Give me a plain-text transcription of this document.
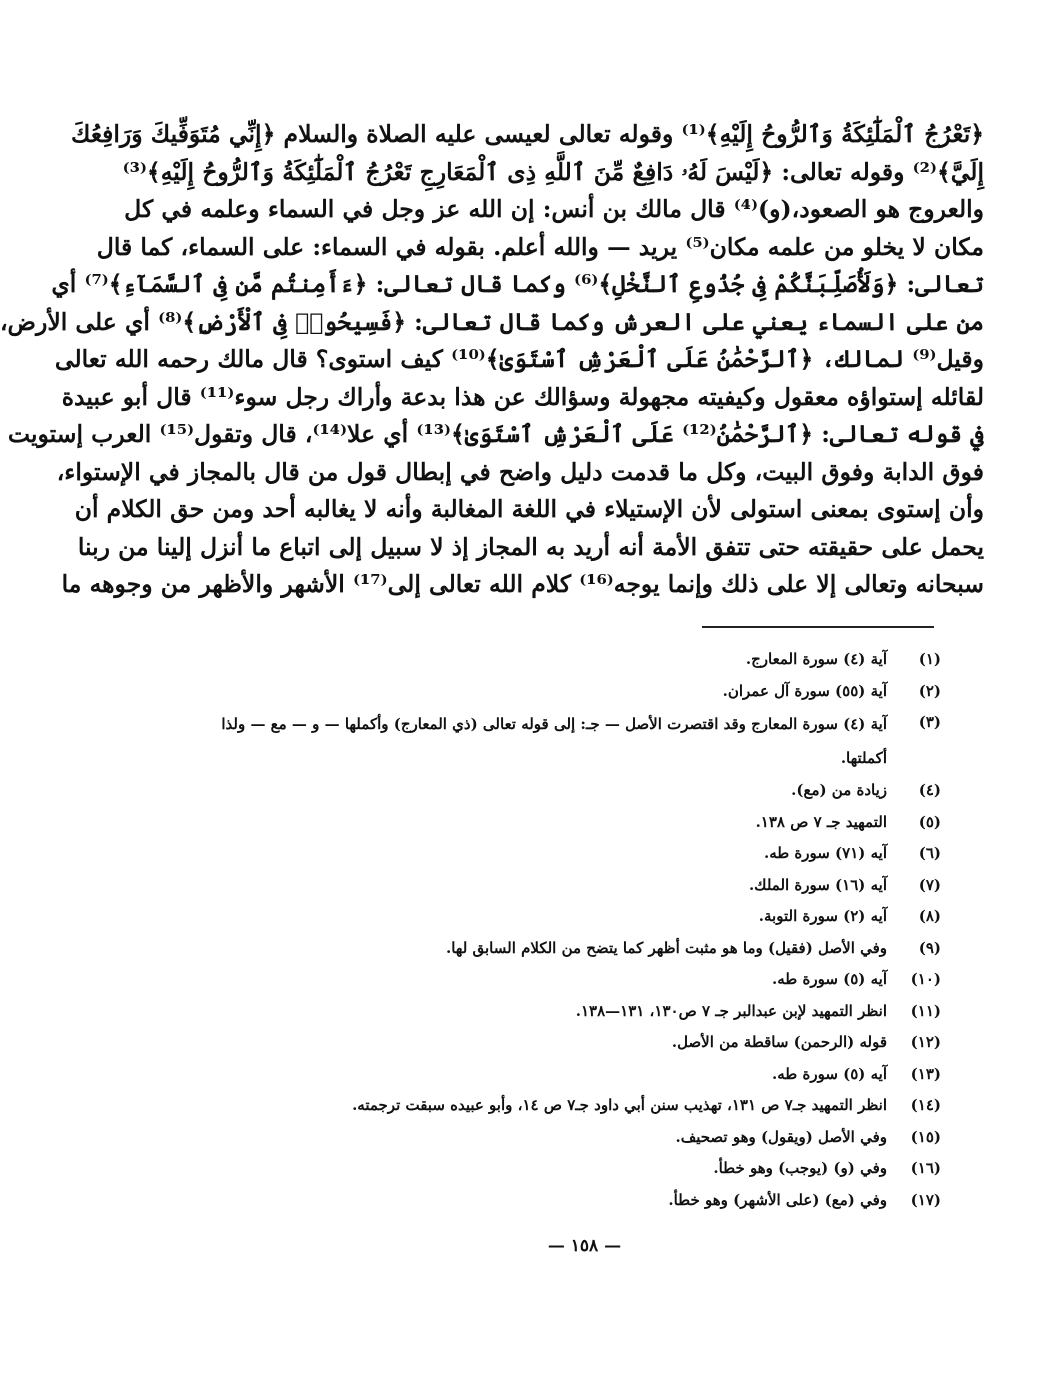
﴿تَعْرُجُ ٱلْمَلَٰٓئِكَةُ وَٱلرُّوحُ إِلَيْهِ﴾⁽¹⁾ وقوله تعالى لعيسى عليه الصلاة والسلام ﴿إِنِّي مُتَوَفِّيكَ وَرَافِعُكَ
إِلَيَّ﴾⁽²⁾ وقوله تعالى: ﴿لَيْسَ لَهُۥ دَافِعٌ مِّنَ ٱللَّهِ ذِى ٱلْمَعَارِجِ تَعْرُجُ ٱلْمَلَٰٓئِكَةُ وَٱلرُّوحُ إِلَيْهِ﴾⁽³⁾
والعروج هو الصعود،(و)⁽⁴⁾ قال مالك بن أنس: إن الله عز وجل في السماء وعلمه في كل
مكان لا يخلو من علمه مكان⁽⁵⁾ يريد — والله أعلم. بقوله في السماء: على السماء، كما قال
تعالى: ﴿وَلَأُصَلِّبَنَّكُمْ فِى جُذُوعِ ٱلنَّخْلِ﴾⁽⁶⁾ وكما قال تعالى: ﴿ءَأَمِنتُم مَّن فِى ٱلسَّمَآءِ﴾⁽⁷⁾ أي
من على السماء يعني على العرش وكما قال تعالى: ﴿فَسِيحُوا۟ فِى ٱلْأَرْضِ﴾⁽⁸⁾ أي على الأرض،
وقيل⁽⁹⁾ لمالك، ﴿ٱلرَّحْمَٰنُ عَلَى ٱلْعَرْشِ ٱسْتَوَىٰ﴾⁽¹⁰⁾ كيف استوى؟ قال مالك رحمه الله تعالى
لقائله إستواؤه معقول وكيفيته مجهولة وسؤالك عن هذا بدعة وأراك رجل سوء⁽¹¹⁾ قال أبو عبيدة
في قوله تعالى: ﴿ٱلرَّحْمَٰنُ⁽¹²⁾ عَلَى ٱلْعَرْشِ ٱسْتَوَىٰ﴾⁽¹³⁾ أي علا⁽¹⁴⁾، قال وتقول⁽¹⁵⁾ العرب إستويت
فوق الدابة وفوق البيت، وكل ما قدمت دليل واضح في إبطال قول من قال بالمجاز في الإستواء،
وأن إستوى بمعنى استولى لأن الإستيلاء في اللغة المغالبة وأنه لا يغالبه أحد ومن حق الكلام أن
يحمل على حقيقته حتى تتفق الأمة أنه أريد به المجاز إذ لا سبيل إلى اتباع ما أنزل إلينا من ربنا
سبحانه وتعالى إلا على ذلك وإنما يوجه⁽¹⁶⁾ كلام الله تعالى إلى⁽¹⁷⁾ الأشهر والأظهر من وجوهه ما
(١)
آية (٤) سورة المعارج.
(٢)
آية (٥٥) سورة آل عمران.
(٣)
آية (٤) سورة المعارج وقد اقتصرت الأصل — جـ: إلى قوله تعالى (ذي المعارج) وأكملها — و — مع — ولذا أكملتها.
(٤)
زيادة من (مع).
(٥)
التمهيد جـ ٧ ص ١٣٨.
(٦)
آيه (٧١) سورة طه.
(٧)
آيه (١٦) سورة الملك.
(٨)
آيه (٢) سورة التوبة.
(٩)
وفي الأصل (فقيل) وما هو مثبت أظهر كما يتضح من الكلام السابق لها.
(١٠)
آيه (٥) سورة طه.
(١١)
انظر التمهيد لإبن عبدالبر جـ ٧ ص١٣٠، ١٣١—١٣٨.
(١٢)
قوله (الرحمن) ساقطة من الأصل.
(١٣)
آيه (٥) سورة طه.
(١٤)
انظر التمهيد جـ٧ ص ١٣١، تهذيب سنن أبي داود جـ٧ ص ١٤، وأبو عبيده سبقت ترجمته.
(١٥)
وفي الأصل (ويقول) وهو تصحيف.
(١٦)
وفي (و) (يوجب) وهو خطأ.
(١٧)
وفي (مع) (على الأشهر) وهو خطأ.
— ١٥٨ —
